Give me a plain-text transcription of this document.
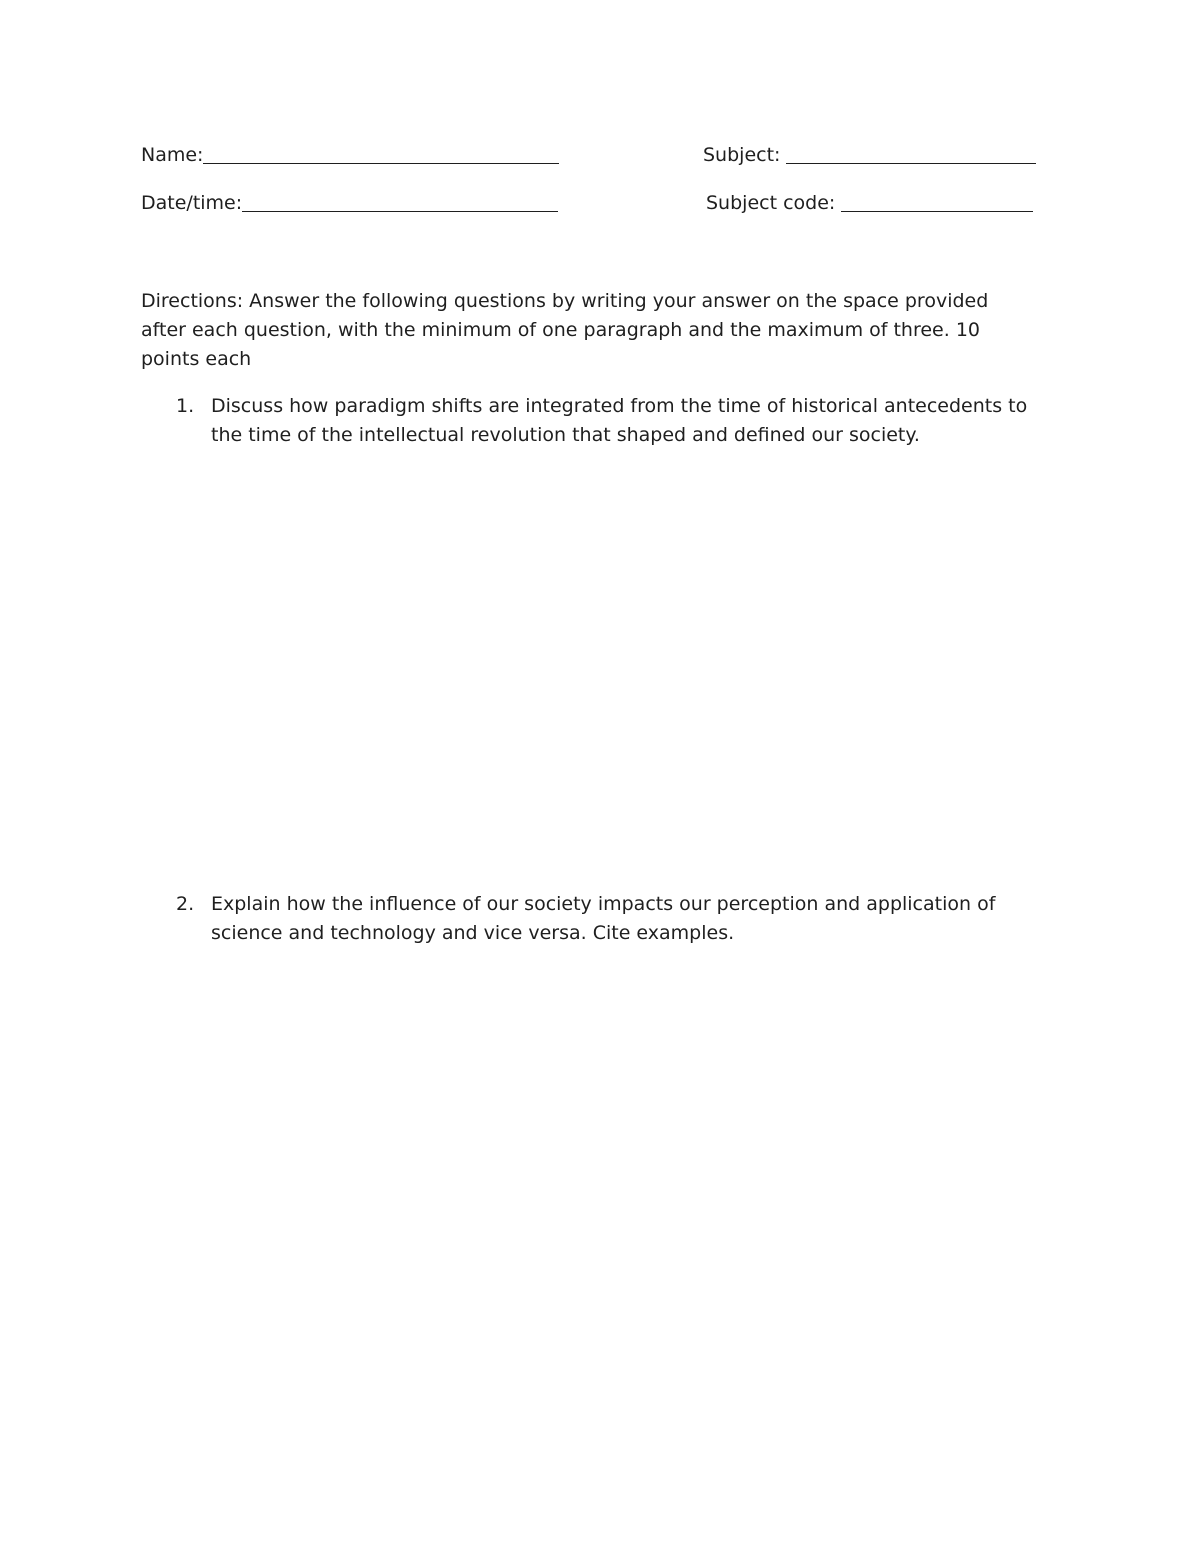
Name:	Subject:
Date/time:	Subject code:

Directions: Answer the following questions by writing your answer on the space provided after each question, with the minimum of one paragraph and the maximum of three. 10 points each

1. Discuss how paradigm shifts are integrated from the time of historical antecedents to the time of the intellectual revolution that shaped and defined our society.

2. Explain how the influence of our society impacts our perception and application of science and technology and vice versa. Cite examples.
